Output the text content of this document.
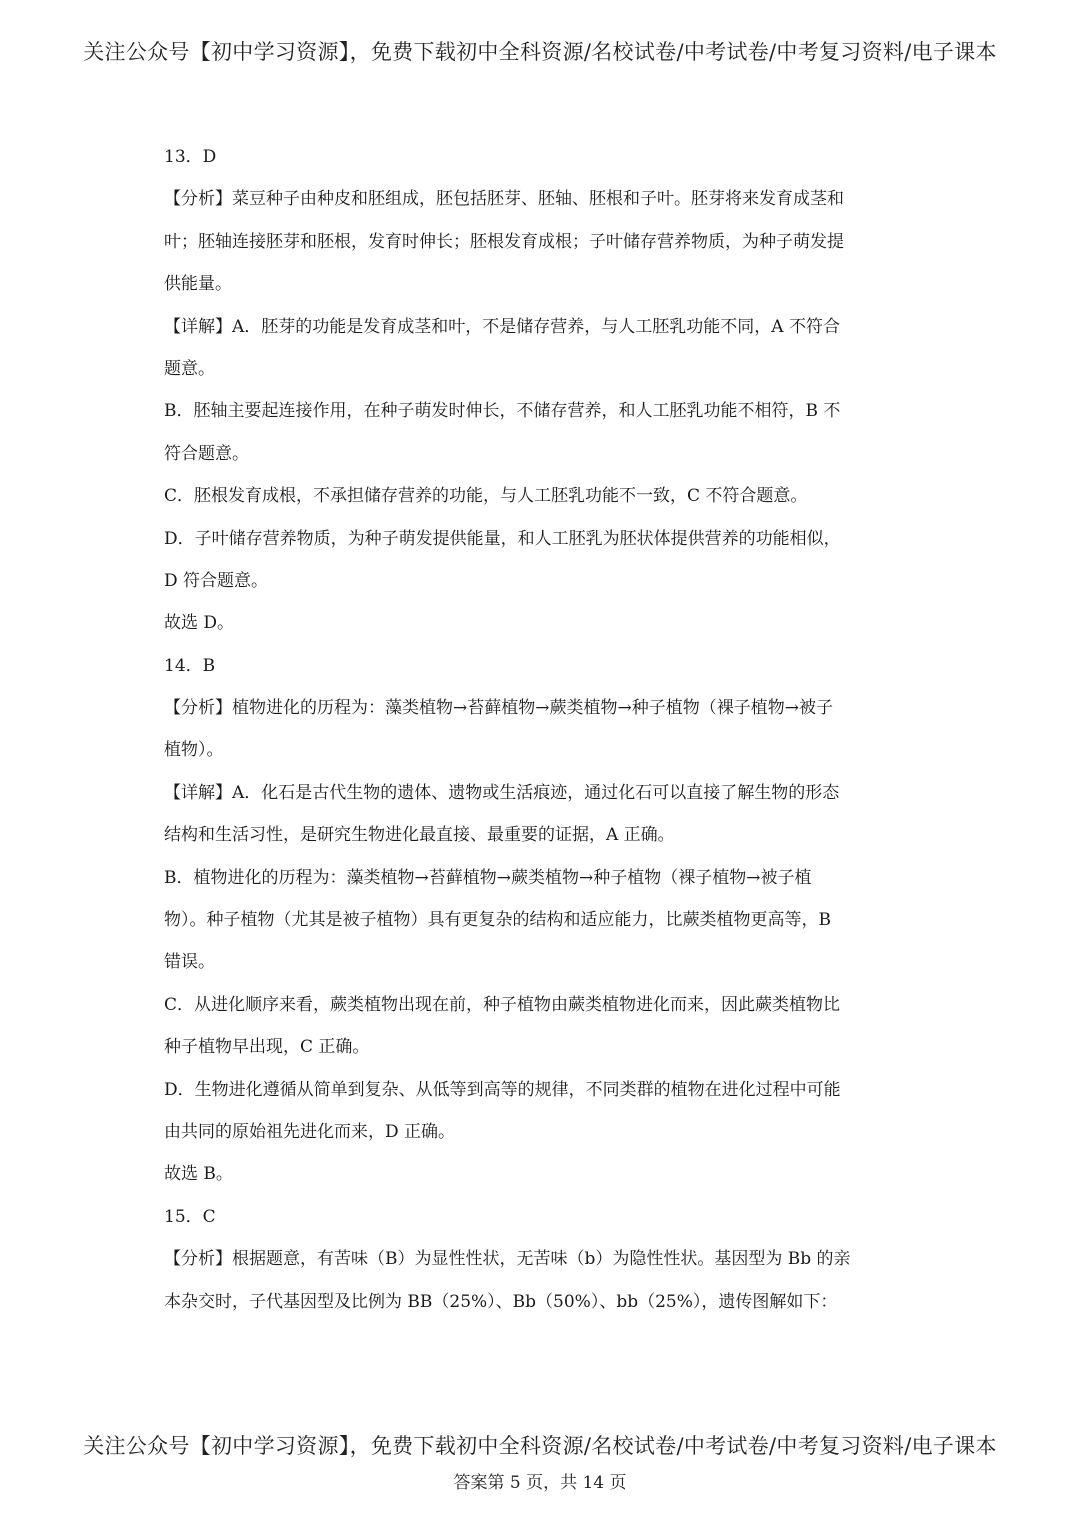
关注公众号【初中学习资源】，免费下载初中全科资源/名校试卷/中考试卷/中考复习资料/电子课本
13．D
【分析】菜豆种子由种皮和胚组成，胚包括胚芽、胚轴、胚根和子叶。胚芽将来发育成茎和
叶；胚轴连接胚芽和胚根，发育时伸长；胚根发育成根；子叶储存营养物质，为种子萌发提
供能量。
【详解】A．胚芽的功能是发育成茎和叶，不是储存营养，与人工胚乳功能不同，A 不符合
题意。
B．胚轴主要起连接作用，在种子萌发时伸长，不储存营养，和人工胚乳功能不相符，B 不
符合题意。
C．胚根发育成根，不承担储存营养的功能，与人工胚乳功能不一致，C 不符合题意。
D．子叶储存营养物质，为种子萌发提供能量，和人工胚乳为胚状体提供营养的功能相似，
D 符合题意。
故选 D。
14．B
【分析】植物进化的历程为：藻类植物→苔藓植物→蕨类植物→种子植物（裸子植物→被子
植物）。
【详解】A．化石是古代生物的遗体、遗物或生活痕迹，通过化石可以直接了解生物的形态
结构和生活习性，是研究生物进化最直接、最重要的证据，A 正确。
B．植物进化的历程为：藻类植物→苔藓植物→蕨类植物→种子植物（裸子植物→被子植
物）。种子植物（尤其是被子植物）具有更复杂的结构和适应能力，比蕨类植物更高等，B
错误。
C．从进化顺序来看，蕨类植物出现在前，种子植物由蕨类植物进化而来，因此蕨类植物比
种子植物早出现，C 正确。
D．生物进化遵循从简单到复杂、从低等到高等的规律，不同类群的植物在进化过程中可能
由共同的原始祖先进化而来，D 正确。
故选 B。
15．C
【分析】根据题意，有苦味（B）为显性性状，无苦味（b）为隐性性状。基因型为 Bb 的亲
本杂交时，子代基因型及比例为 BB（25%）、Bb（50%）、bb（25%），遗传图解如下：
关注公众号【初中学习资源】，免费下载初中全科资源/名校试卷/中考试卷/中考复习资料/电子课本
答案第 5 页，共 14 页
